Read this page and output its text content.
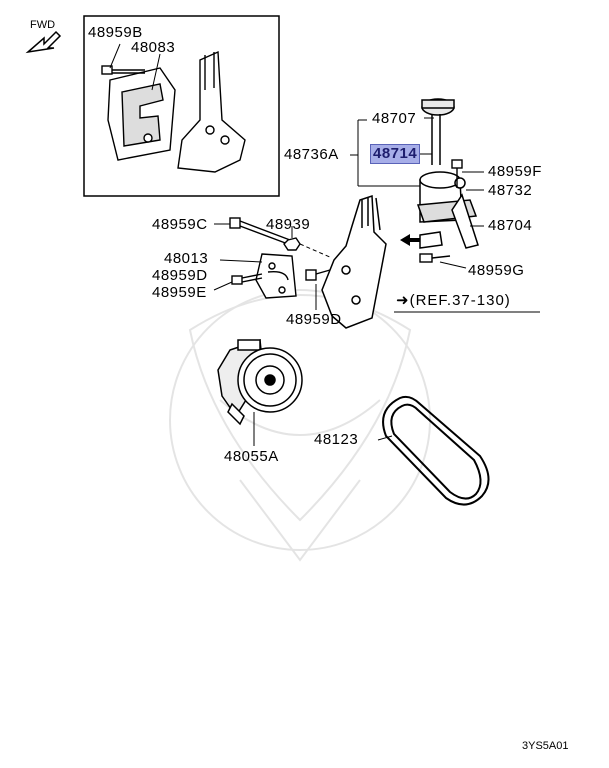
FWD 48959B
48083
48707
48736A 48714
48959F
48732
48704
48959G
48959C	48939
48013
48959D
48959E
48959D
48123
48055A
➜(REF.37-130)
3YS5A01
